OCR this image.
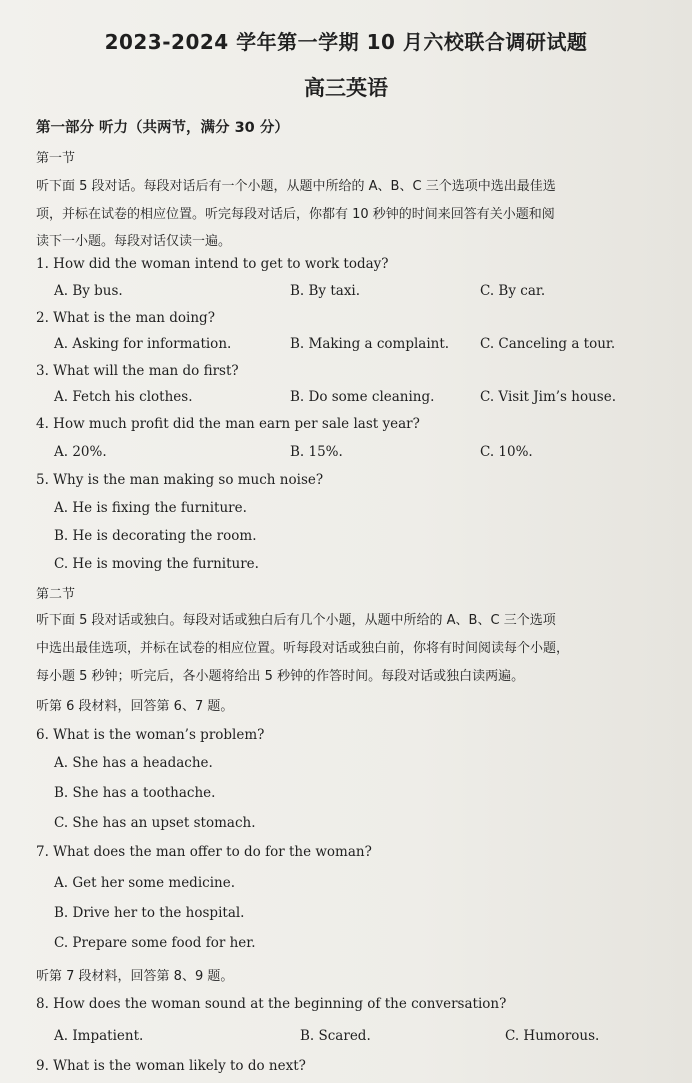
2023-2024 学年第一学期 10 月六校联合调研试题
高三英语
第一部分 听力（共两节，满分 30 分）
第一节
听下面 5 段对话。每段对话后有一个小题，从题中所给的 A、B、C 三个选项中选出最佳选
项，并标在试卷的相应位置。听完每段对话后，你都有 10 秒钟的时间来回答有关小题和阅
读下一小题。每段对话仅读一遍。
1. How did the woman intend to get to work today?
A. By bus.	B. By taxi.	C. By car.
2. What is the man doing?
A. Asking for information.	B. Making a complaint. C. Canceling a tour.
3. What will the man do first?
A. Fetch his clothes.	B. Do some cleaning.	C. Visit Jim’s house.
4. How much profit did the man earn per sale last year?
A. 20%.	B. 15%.	C. 10%.
5. Why is the man making so much noise?
A. He is fixing the furniture.
B. He is decorating the room.
C. He is moving the furniture.
第二节
听下面 5 段对话或独白。每段对话或独白后有几个小题，从题中所给的 A、B、C 三个选项
中选出最佳选项，并标在试卷的相应位置。听每段对话或独白前，你将有时间阅读每个小题，
每小题 5 秒钟；听完后，各小题将给出 5 秒钟的作答时间。每段对话或独白读两遍。
听第 6 段材料，回答第 6、7 题。
6. What is the woman’s problem?
A. She has a headache.
B. She has a toothache.
C. She has an upset stomach.
7. What does the man offer to do for the woman?
A. Get her some medicine.
B. Drive her to the hospital.
C. Prepare some food for her.
听第 7 段材料，回答第 8、9 题。
8. How does the woman sound at the beginning of the conversation?
A. Impatient.	B. Scared.	C. Humorous.
9. What is the woman likely to do next?
